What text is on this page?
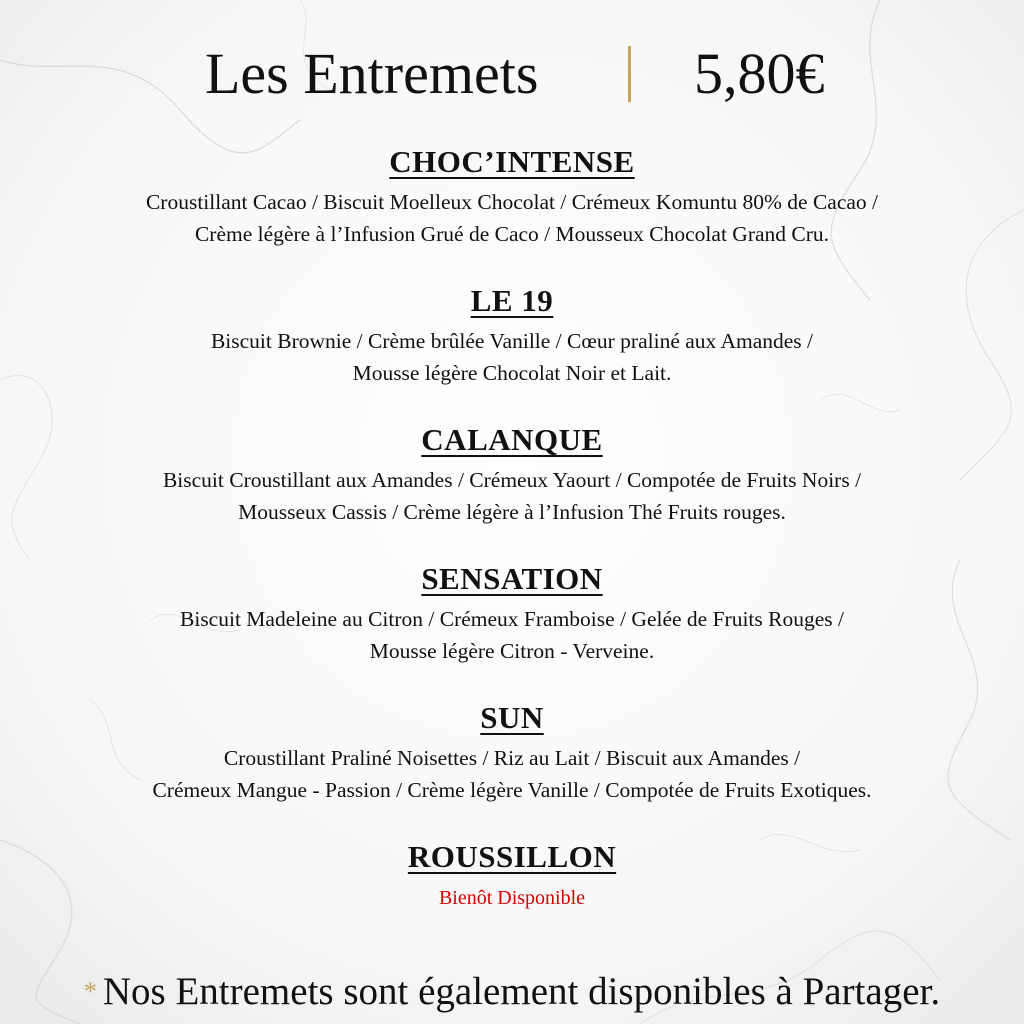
Les Entremets	5,80€
CHOC’INTENSE
Croustillant Cacao / Biscuit Moelleux Chocolat / Crémeux Komuntu 80% de Cacao /
Crème légère à l’Infusion Grué de Caco / Mousseux Chocolat Grand Cru.
LE 19
Biscuit Brownie / Crème brûlée Vanille / Cœur praliné aux Amandes /
Mousse légère Chocolat Noir et Lait.
CALANQUE
Biscuit Croustillant aux Amandes / Crémeux Yaourt / Compotée de Fruits Noirs /
Mousseux Cassis / Crème légère à l’Infusion Thé Fruits rouges.
SENSATION
Biscuit Madeleine au Citron / Crémeux Framboise / Gelée de Fruits Rouges /
Mousse légère Citron - Verveine.
SUN
Croustillant Praliné Noisettes / Riz au Lait / Biscuit aux Amandes /
Crémeux Mangue - Passion / Crème légère Vanille / Compotée de Fruits Exotiques.
ROUSSILLON
Bienôt Disponible
* Nos Entremets sont également disponibles à Partager.
